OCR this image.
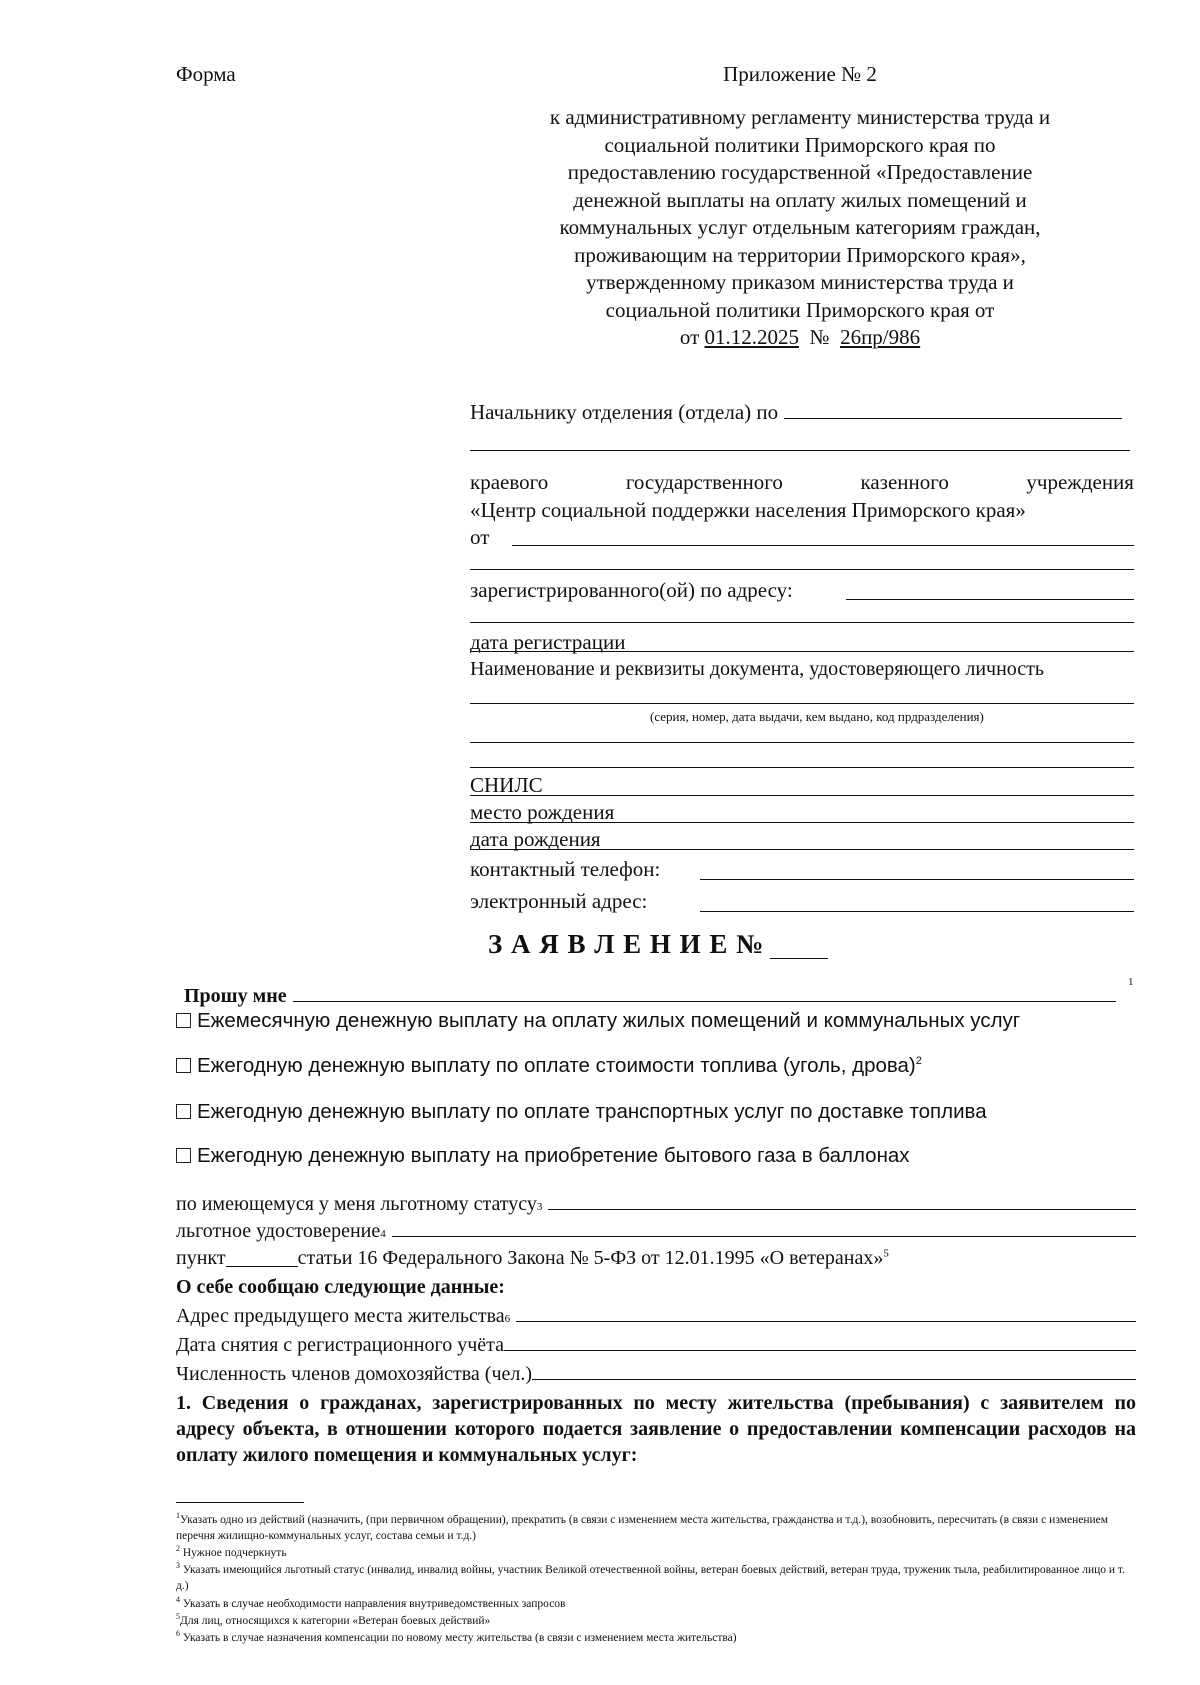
Форма	Приложение № 2
к административному регламенту министерства труда и
социальной политики Приморского края по
предоставлению государственной «Предоставление
денежной выплаты на оплату жилых помещений и
коммунальных услуг отдельным категориям граждан,
проживающим на территории Приморского края»,
утвержденному приказом министерства труда и
социальной политики Приморского края от
от 01.12.2025 № 26пр/986
Начальнику отделения (отдела) по
краевого	государственного	казенного	учреждения
«Центр социальной поддержки населения Приморского края»
от
зарегистрированного(ой) по адресу:
дата регистрации
Наименование и реквизиты документа, удостоверяющего личность
(серия, номер, дата выдачи, кем выдано, код прдразделения)
СНИЛС
место рождения
дата рождения
контактный телефон:
электронный адрес:
З А Я В Л Е Н И Е №
Прошу мне
1
Ежемесячную денежную выплату на оплату жилых помещений и коммунальных услуг
Ежегодную денежную выплату по оплате стоимости топлива (уголь, дрова)$^2$
Ежегодную денежную выплату по оплате транспортных услуг по доставке топлива
Ежегодную денежную выплату на приобретение бытового газа в баллонах
по имеющемуся у меня льготному статусу 3
льготное удостоверение 4
пункт	статьи 16 Федерального Закона № 5-ФЗ от 12.01.1995 «О ветеранах»$^5$
О себе сообщаю следующие данные:
Адрес предыдущего места жительства 6
Дата снятия с регистрационного учёта
Численность членов домохозяйства (чел.)
1. Сведения о гражданах, зарегистрированных по месту жительства (пребывания) с заявителем по адресу объекта, в отношении которого подается заявление о предоставлении компенсации расходов на оплату жилого помещения и коммунальных услуг:
$^1$Указать одно из действий (назначить, (при первичном обращении), прекратить (в связи с изменением места жительства, гражданства и т.д.), возобновить, пересчитать (в связи с изменением перечня жилищно-коммунальных услуг, состава семьи и т.д.)
$^2$ Нужное подчеркнуть
$^3$ Указать имеющийся льготный статус (инвалид, инвалид войны, участник Великой отечественной войны, ветеран боевых действий, ветеран труда, труженик тыла, реабилитированное лицо и т. д.)
$^4$ Указать в случае необходимости направления внутриведомственных запросов
$^5$Для лиц, относящихся к категории «Ветеран боевых действий»
$^6$ Указать в случае назначения компенсации по новому месту жительства (в связи с изменением места жительства)
